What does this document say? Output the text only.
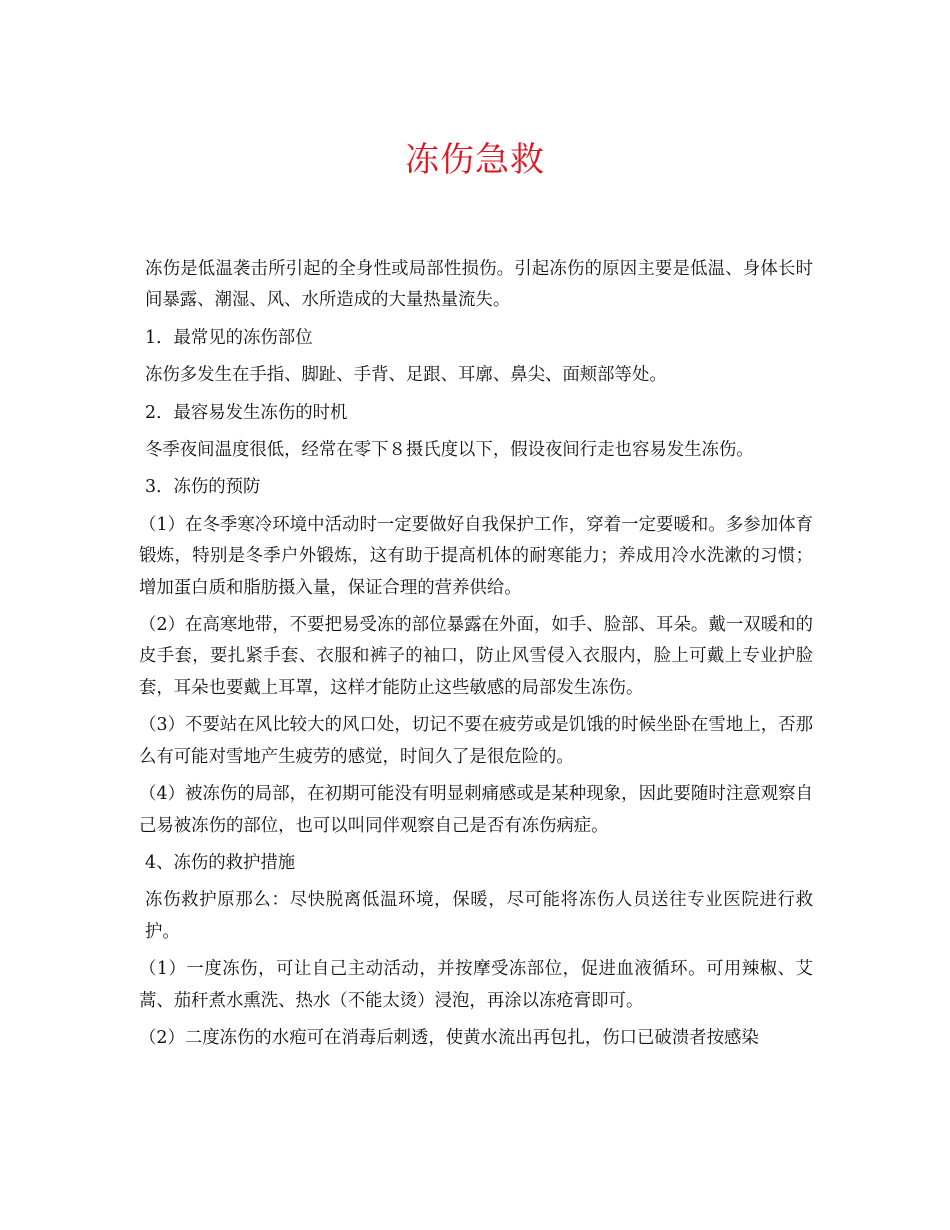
冻伤急救

冻伤是低温袭击所引起的全身性或局部性损伤。引起冻伤的原因主要是低温、身体长时间暴露、潮湿、风、水所造成的大量热量流失。

1．最常见的冻伤部位

冻伤多发生在手指、脚趾、手背、足跟、耳廓、鼻尖、面颊部等处。

2．最容易发生冻伤的时机

冬季夜间温度很低，经常在零下８摄氏度以下，假设夜间行走也容易发生冻伤。

3．冻伤的预防

（1）在冬季寒冷环境中活动时一定要做好自我保护工作，穿着一定要暖和。多参加体育锻炼，特别是冬季户外锻炼，这有助于提高机体的耐寒能力；养成用冷水洗漱的习惯；增加蛋白质和脂肪摄入量，保证合理的营养供给。

（2）在高寒地带，不要把易受冻的部位暴露在外面，如手、脸部、耳朵。戴一双暖和的皮手套，要扎紧手套、衣服和裤子的袖口，防止风雪侵入衣服内，脸上可戴上专业护脸套，耳朵也要戴上耳罩，这样才能防止这些敏感的局部发生冻伤。

（3）不要站在风比较大的风口处，切记不要在疲劳或是饥饿的时候坐卧在雪地上，否那么有可能对雪地产生疲劳的感觉，时间久了是很危险的。

（4）被冻伤的局部，在初期可能没有明显刺痛感或是某种现象，因此要随时注意观察自己易被冻伤的部位，也可以叫同伴观察自己是否有冻伤病症。

4、冻伤的救护措施

冻伤救护原那么：尽快脱离低温环境，保暖，尽可能将冻伤人员送往专业医院进行救护。

（1）一度冻伤，可让自己主动活动，并按摩受冻部位，促进血液循环。可用辣椒、艾蒿、茄秆煮水熏洗、热水（不能太烫）浸泡，再涂以冻疮膏即可。

（2）二度冻伤的水疱可在消毒后刺透，使黄水流出再包扎，伤口已破溃者按感染
